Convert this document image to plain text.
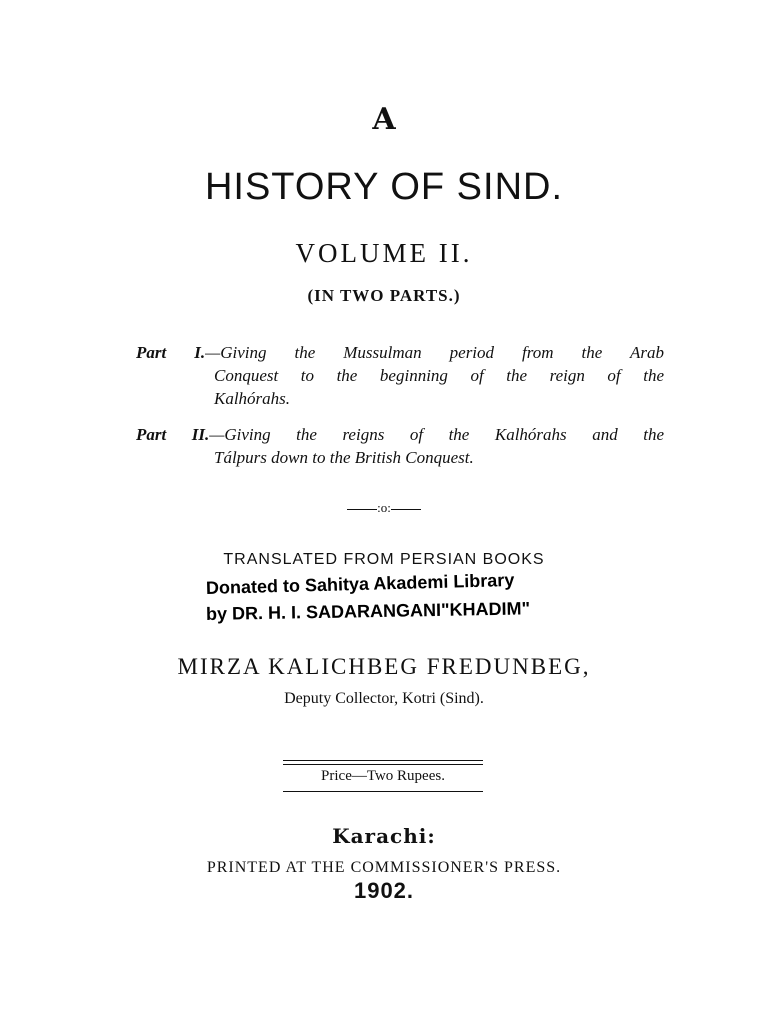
A
HISTORY OF SIND.
VOLUME II.
(IN TWO PARTS.)
Part I.—Giving the Mussulman period from the Arab
Conquest to the beginning of the reign of the
Kalhórahs.
Part II.—Giving the reigns of the Kalhórahs and the
Tálpurs down to the British Conquest.
:o:
TRANSLATED FROM PERSIAN BOOKS
Donated to Sahitya Akademi Library
by DR. H. I. SADARANGANI"KHADIM"
MIRZA KALICHBEG FREDUNBEG,
Deputy Collector, Kotri (Sind).
Price—Two Rupees.
Karachi:
PRINTED AT THE COMMISSIONER'S PRESS.
1902.
